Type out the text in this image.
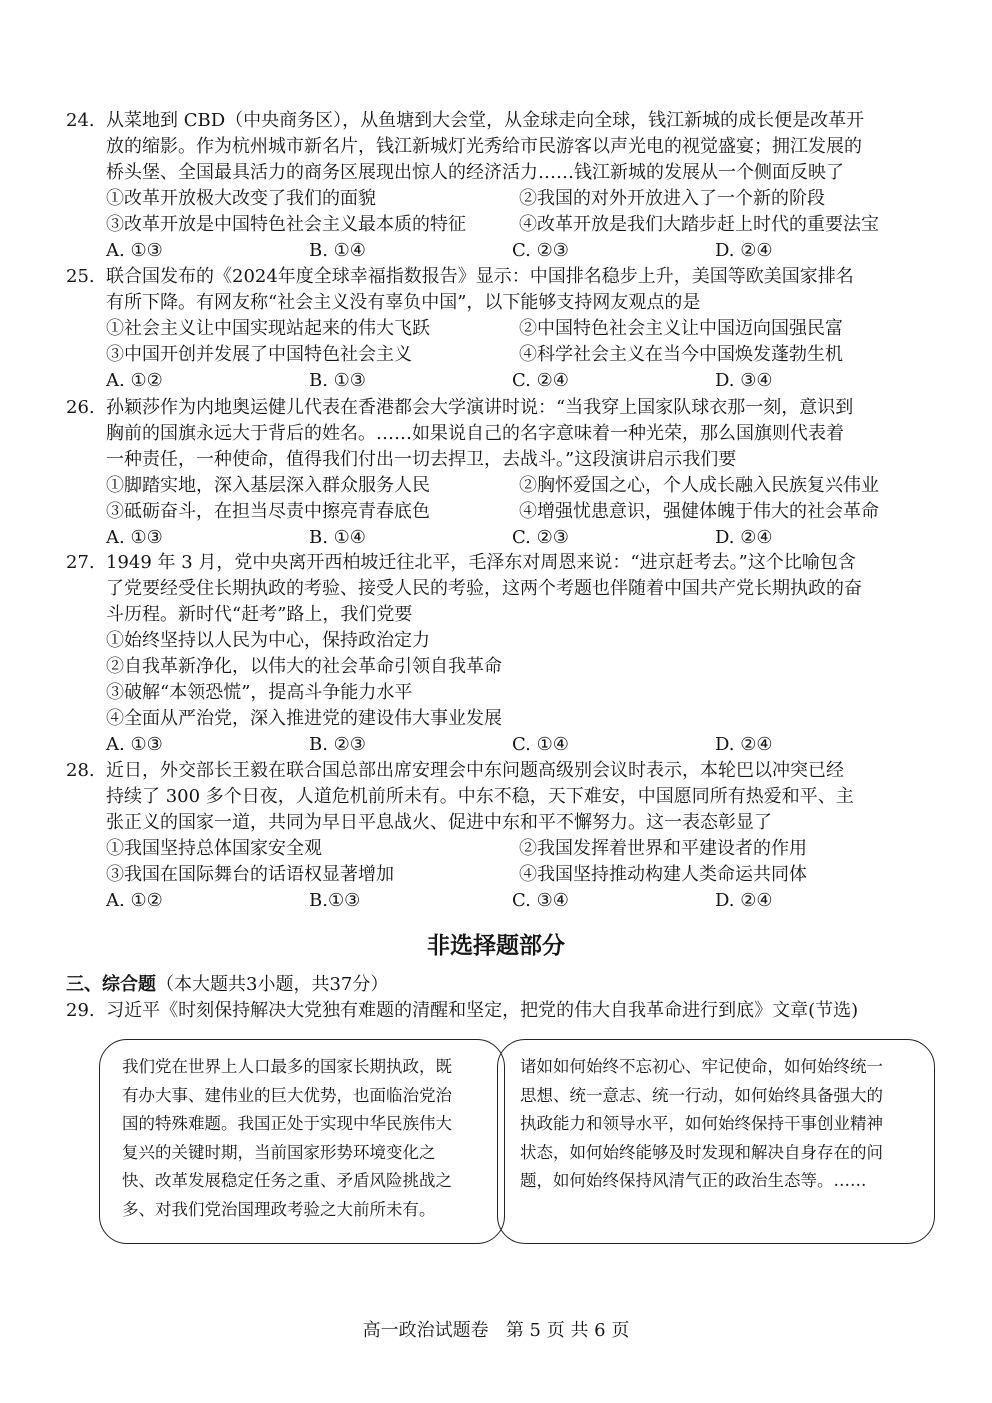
24. 从菜地到 CBD（中央商务区），从鱼塘到大会堂，从金球走向全球，钱江新城的成长便是改革开
放的缩影。作为杭州城市新名片，钱江新城灯光秀给市民游客以声光电的视觉盛宴；拥江发展的
桥头堡、全国最具活力的商务区展现出惊人的经济活力……钱江新城的发展从一个侧面反映了
①改革开放极大改变了我们的面貌	②我国的对外开放进入了一个新的阶段
③改革开放是中国特色社会主义最本质的特征	④改革开放是我们大踏步赶上时代的重要法宝
A. ①③	B. ①④	C. ②③	D. ②④
25. 联合国发布的《2024年度全球幸福指数报告》显示：中国排名稳步上升，美国等欧美国家排名
有所下降。有网友称“社会主义没有辜负中国”，以下能够支持网友观点的是
①社会主义让中国实现站起来的伟大飞跃	②中国特色社会主义让中国迈向国强民富
③中国开创并发展了中国特色社会主义	④科学社会主义在当今中国焕发蓬勃生机
A. ①②	B. ①③	C. ②④	D. ③④
26. 孙颖莎作为内地奥运健儿代表在香港都会大学演讲时说：“当我穿上国家队球衣那一刻，意识到
胸前的国旗永远大于背后的姓名。……如果说自己的名字意味着一种光荣，那么国旗则代表着
一种责任，一种使命，值得我们付出一切去捍卫，去战斗。”这段演讲启示我们要
①脚踏实地，深入基层深入群众服务人民	②胸怀爱国之心，个人成长融入民族复兴伟业
③砥砺奋斗，在担当尽责中擦亮青春底色	④增强忧患意识，强健体魄于伟大的社会革命
A. ①③	B. ①④	C. ②③	D. ②④
27. 1949 年 3 月，党中央离开西柏坡迁往北平，毛泽东对周恩来说：“进京赶考去。”这个比喻包含
了党要经受住长期执政的考验、接受人民的考验，这两个考题也伴随着中国共产党长期执政的奋
斗历程。新时代“赶考”路上，我们党要
①始终坚持以人民为中心，保持政治定力
②自我革新净化，以伟大的社会革命引领自我革命
③破解“本领恐慌”，提高斗争能力水平
④全面从严治党，深入推进党的建设伟大事业发展
A. ①③	B. ②③	C. ①④	D. ②④
28. 近日，外交部长王毅在联合国总部出席安理会中东问题高级别会议时表示，本轮巴以冲突已经
持续了 300 多个日夜，人道危机前所未有。中东不稳，天下难安，中国愿同所有热爱和平、主
张正义的国家一道，共同为早日平息战火、促进中东和平不懈努力。这一表态彰显了
①我国坚持总体国家安全观	②我国发挥着世界和平建设者的作用
③我国在国际舞台的话语权显著增加	④我国坚持推动构建人类命运共同体
A. ①②	B.①③	C. ③④	D. ②④
非选择题部分
三、综合题（本大题共3小题，共37分）
29. 习近平《时刻保持解决大党独有难题的清醒和坚定，把党的伟大自我革命进行到底》文章(节选)
我们党在世界上人口最多的国家长期执政，既
有办大事、建伟业的巨大优势，也面临治党治
国的特殊难题。我国正处于实现中华民族伟大
复兴的关键时期，当前国家形势环境变化之
快、改革发展稳定任务之重、矛盾风险挑战之
多、对我们党治国理政考验之大前所未有。
诸如如何始终不忘初心、牢记使命，如何始终统一
思想、统一意志、统一行动，如何始终具备强大的
执政能力和领导水平，如何始终保持干事创业精神
状态，如何始终能够及时发现和解决自身存在的问
题，如何始终保持风清气正的政治生态等。……
高一政治试题卷   第 5 页 共 6 页
